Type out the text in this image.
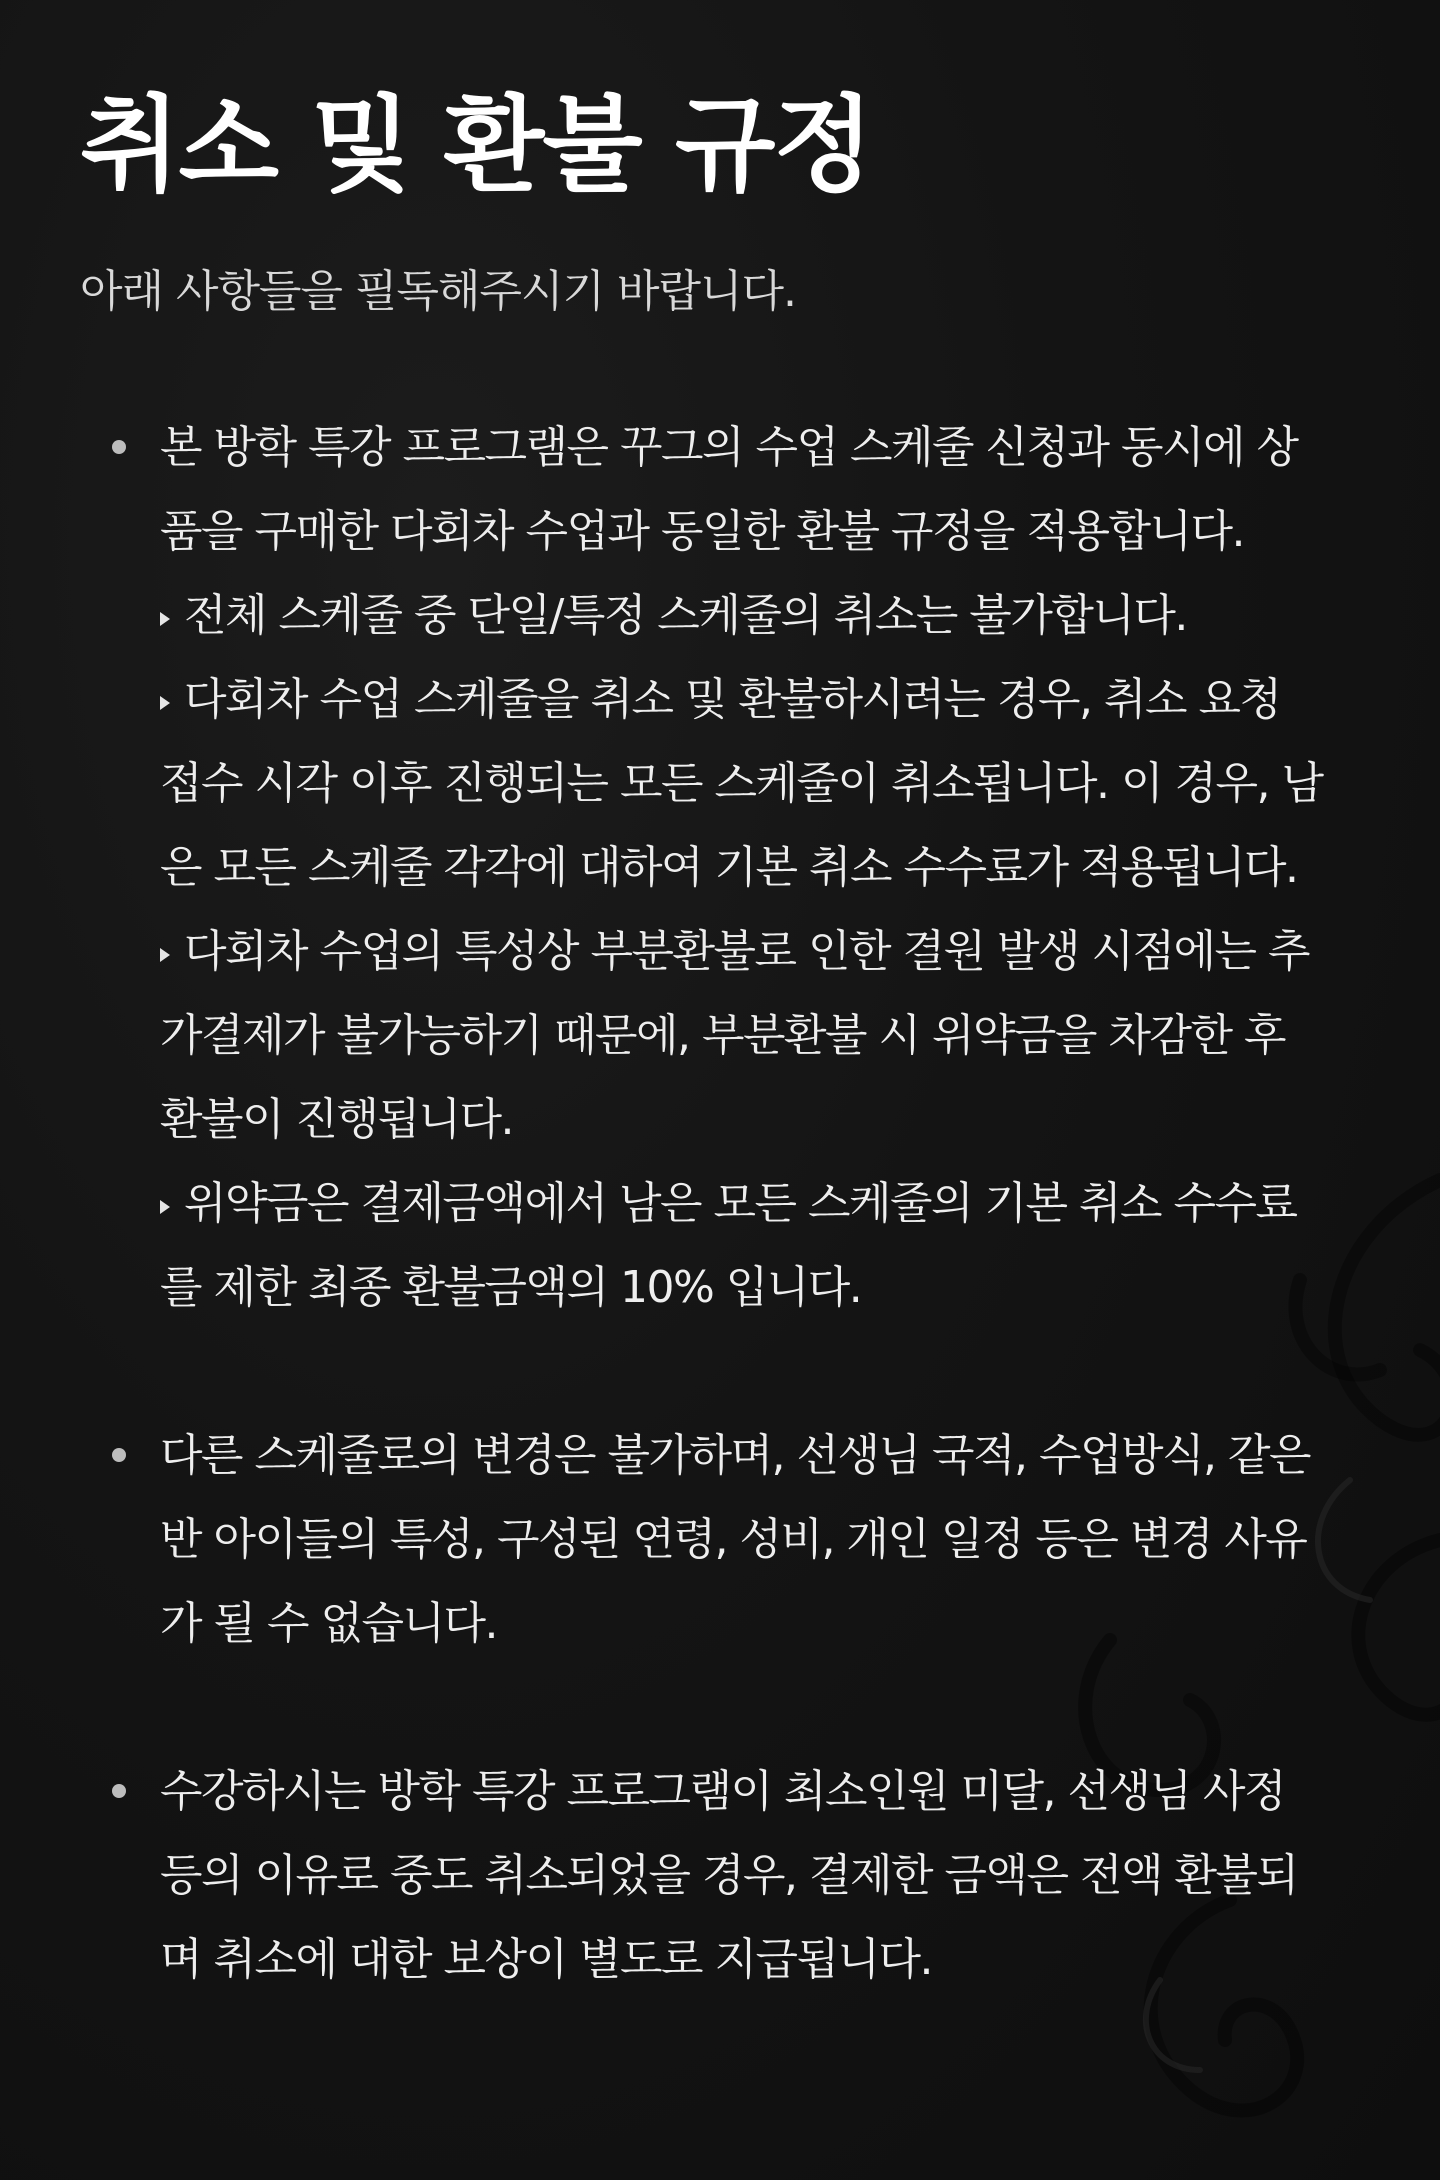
취소 및 환불 규정

아래 사항들을 필독해주시기 바랍니다.

본 방학 특강 프로그램은 꾸그의 수업 스케줄 신청과 동시에 상
품을 구매한 다회차 수업과 동일한 환불 규정을 적용합니다.
전체 스케줄 중 단일/특정 스케줄의 취소는 불가합니다.
다회차 수업 스케줄을 취소 및 환불하시려는 경우, 취소 요청
접수 시각 이후 진행되는 모든 스케줄이 취소됩니다. 이 경우, 남
은 모든 스케줄 각각에 대하여 기본 취소 수수료가 적용됩니다.
다회차 수업의 특성상 부분환불로 인한 결원 발생 시점에는 추
가결제가 불가능하기 때문에, 부분환불 시 위약금을 차감한 후
환불이 진행됩니다.
위약금은 결제금액에서 남은 모든 스케줄의 기본 취소 수수료
를 제한 최종 환불금액의 10% 입니다.
다른 스케줄로의 변경은 불가하며, 선생님 국적, 수업방식, 같은
반 아이들의 특성, 구성된 연령, 성비, 개인 일정 등은 변경 사유
가 될 수 없습니다.
수강하시는 방학 특강 프로그램이 최소인원 미달, 선생님 사정
등의 이유로 중도 취소되었을 경우, 결제한 금액은 전액 환불되
며 취소에 대한 보상이 별도로 지급됩니다.
